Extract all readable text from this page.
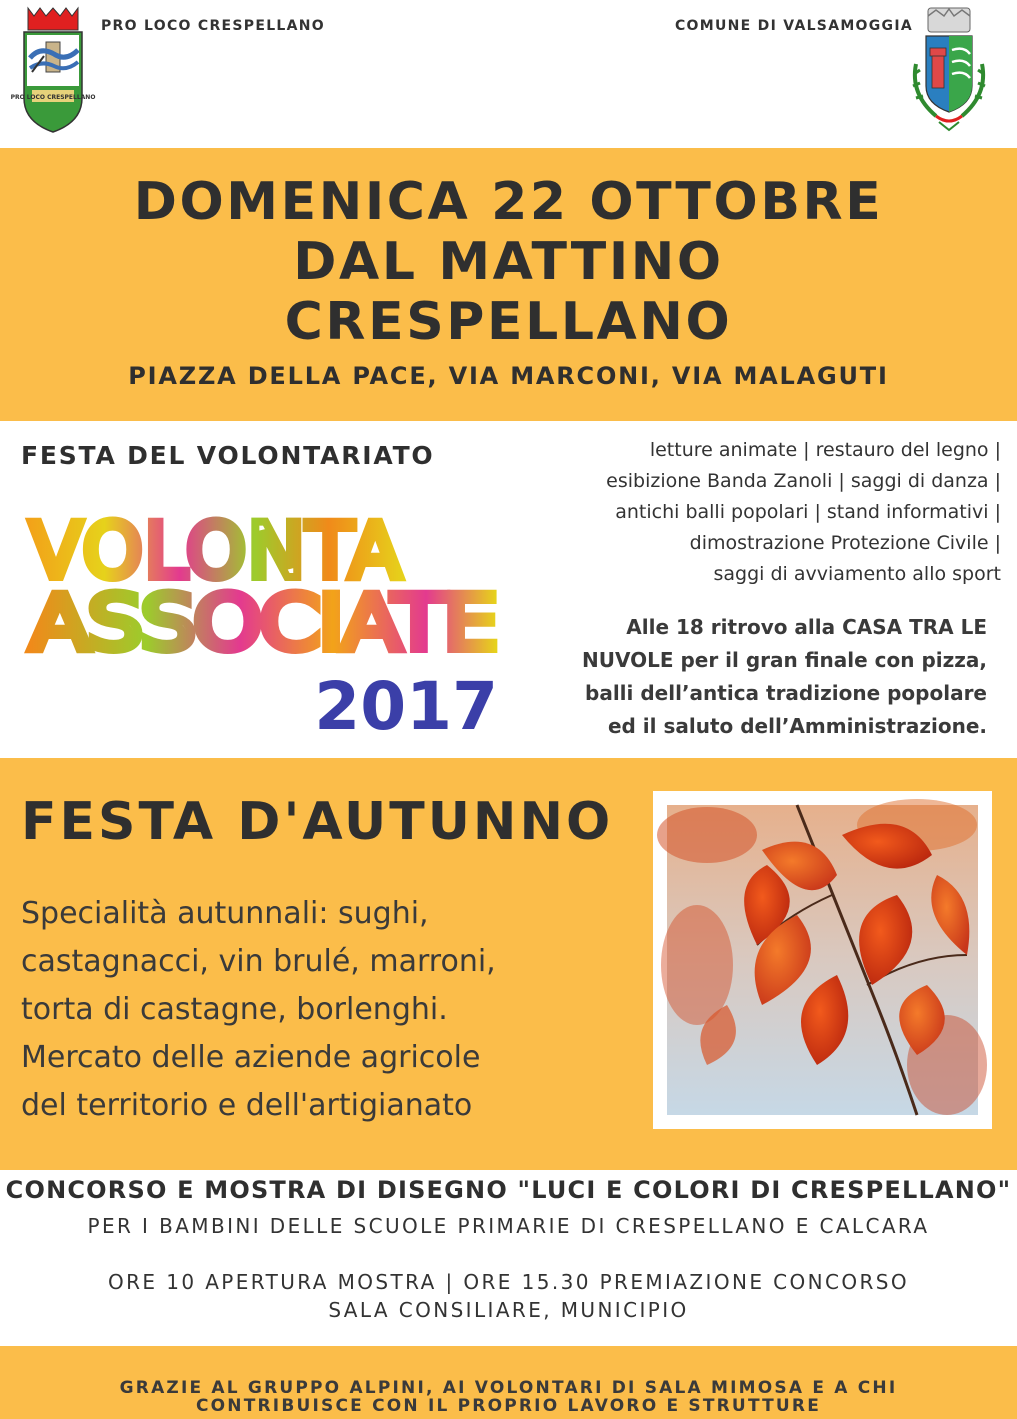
PRO LOCO CRESPELLANO
PRO LOCO CRESPELLANO	COMUNE DI VALSAMOGGIA
DOMENICA 22 OTTOBRE
DAL MATTINO
CRESPELLANO
PIAZZA DELLA PACE, VIA MARCONI, VIA MALAGUTI
FESTA DEL VOLONTARIATO
VOLONTA
ASSOCIATE
2017
letture animate | restauro del legno |
esibizione Banda Zanoli | saggi di danza |
antichi balli popolari | stand informativi |
dimostrazione Protezione Civile |
saggi di avviamento allo sport
Alle 18 ritrovo alla CASA TRA LE
NUVOLE per il gran finale con pizza,
balli dell’antica tradizione popolare
ed il saluto dell’Amministrazione.
FESTA D'AUTUNNO
Specialità autunnali: sughi,
castagnacci, vin brulé, marroni,
torta di castagne, borlenghi.
Mercato delle aziende agricole
del territorio e dell'artigianato
CONCORSO E MOSTRA DI DISEGNO "LUCI E COLORI DI CRESPELLANO"
PER I BAMBINI DELLE SCUOLE PRIMARIE DI CRESPELLANO E CALCARA
ORE 10 APERTURA MOSTRA | ORE 15.30 PREMIAZIONE CONCORSO
SALA CONSILIARE, MUNICIPIO
GRAZIE AL GRUPPO ALPINI, AI VOLONTARI DI SALA MIMOSA E A CHI
CONTRIBUISCE CON IL PROPRIO LAVORO E STRUTTURE
